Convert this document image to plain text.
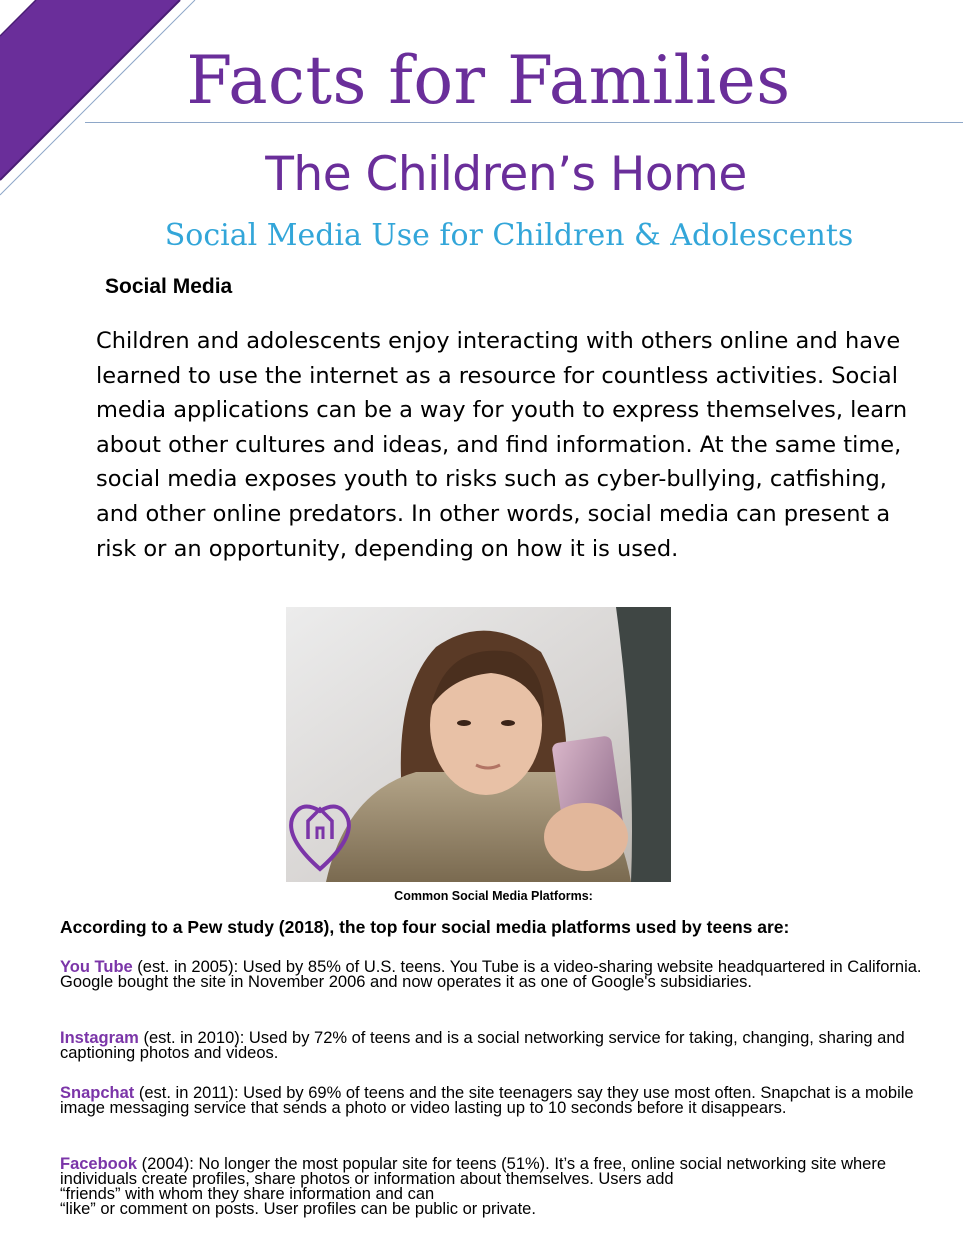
Facts for Families
The Children’s Home
Social Media Use for Children & Adolescents
Social Media

Children and adolescents enjoy interacting with others online and have learned to use the internet as a resource for countless activities. Social media applications can be a way for youth to express themselves, learn about other cultures and ideas, and find information. At the same time, social media exposes youth to risks such as cyber-bullying, catfishing, and other online predators. In other words, social media can present a risk or an opportunity, depending on how it is used.

Common Social Media Platforms:

According to a Pew study (2018), the top four social media platforms used by teens are:

You Tube (est. in 2005): Used by 85% of U.S. teens. You Tube is a video-sharing website headquartered in California. Google bought the site in November 2006 and now operates it as one of Google's subsidiaries.

Instagram (est. in 2010): Used by 72% of teens and is a social networking service for taking, changing, sharing and captioning photos and videos.

Snapchat (est. in 2011): Used by 69% of teens and the site teenagers say they use most often. Snapchat is a mobile image messaging service that sends a photo or video lasting up to 10 seconds before it disappears.

Facebook (2004): No longer the most popular site for teens (51%). It’s a free, online social networking site where individuals create profiles, share photos or information about themselves. Users add
“friends” with whom they share information and can
“like” or comment on posts. User profiles can be public or private.
